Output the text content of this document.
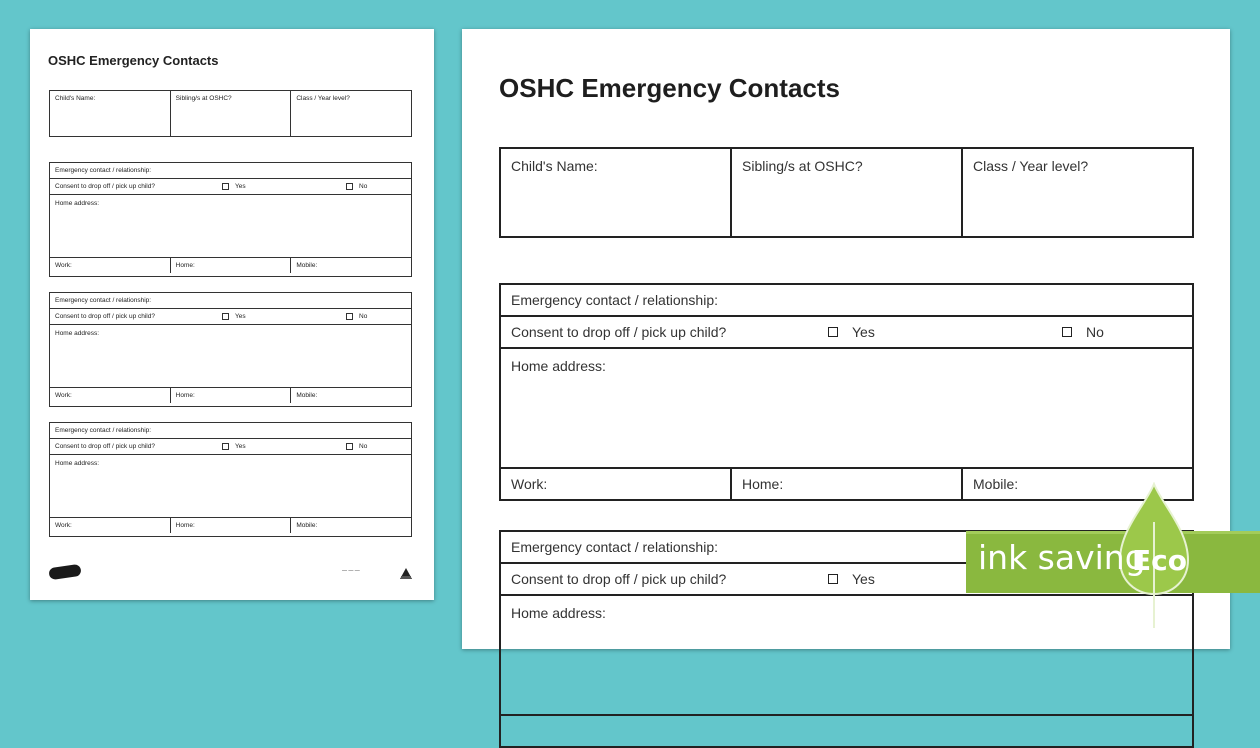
OSHC Emergency Contacts
Child's Name:	Sibling/s at OSHC?	Class / Year level?
Emergency contact / relationship:
Consent to drop off / pick up child?	Yes	No
Home address:
Work:	Home:	Mobile:
Emergency contact / relationship:
Consent to drop off / pick up child?	Yes	No
Home address:
Work:	Home:	Mobile:
Emergency contact / relationship:
Consent to drop off / pick up child?	Yes	No
Home address:
Work:	Home:	Mobile:
— — —
OSHC Emergency Contacts
Child's Name:	Sibling/s at OSHC?	Class / Year level?
Emergency contact / relationship:
Consent to drop off / pick up child?	Yes	No
Home address:
Work:	Home:	Mobile:
Emergency contact / relationship:
Consent to drop off / pick up child?	Yes
Home address:
ink saving
Eco
